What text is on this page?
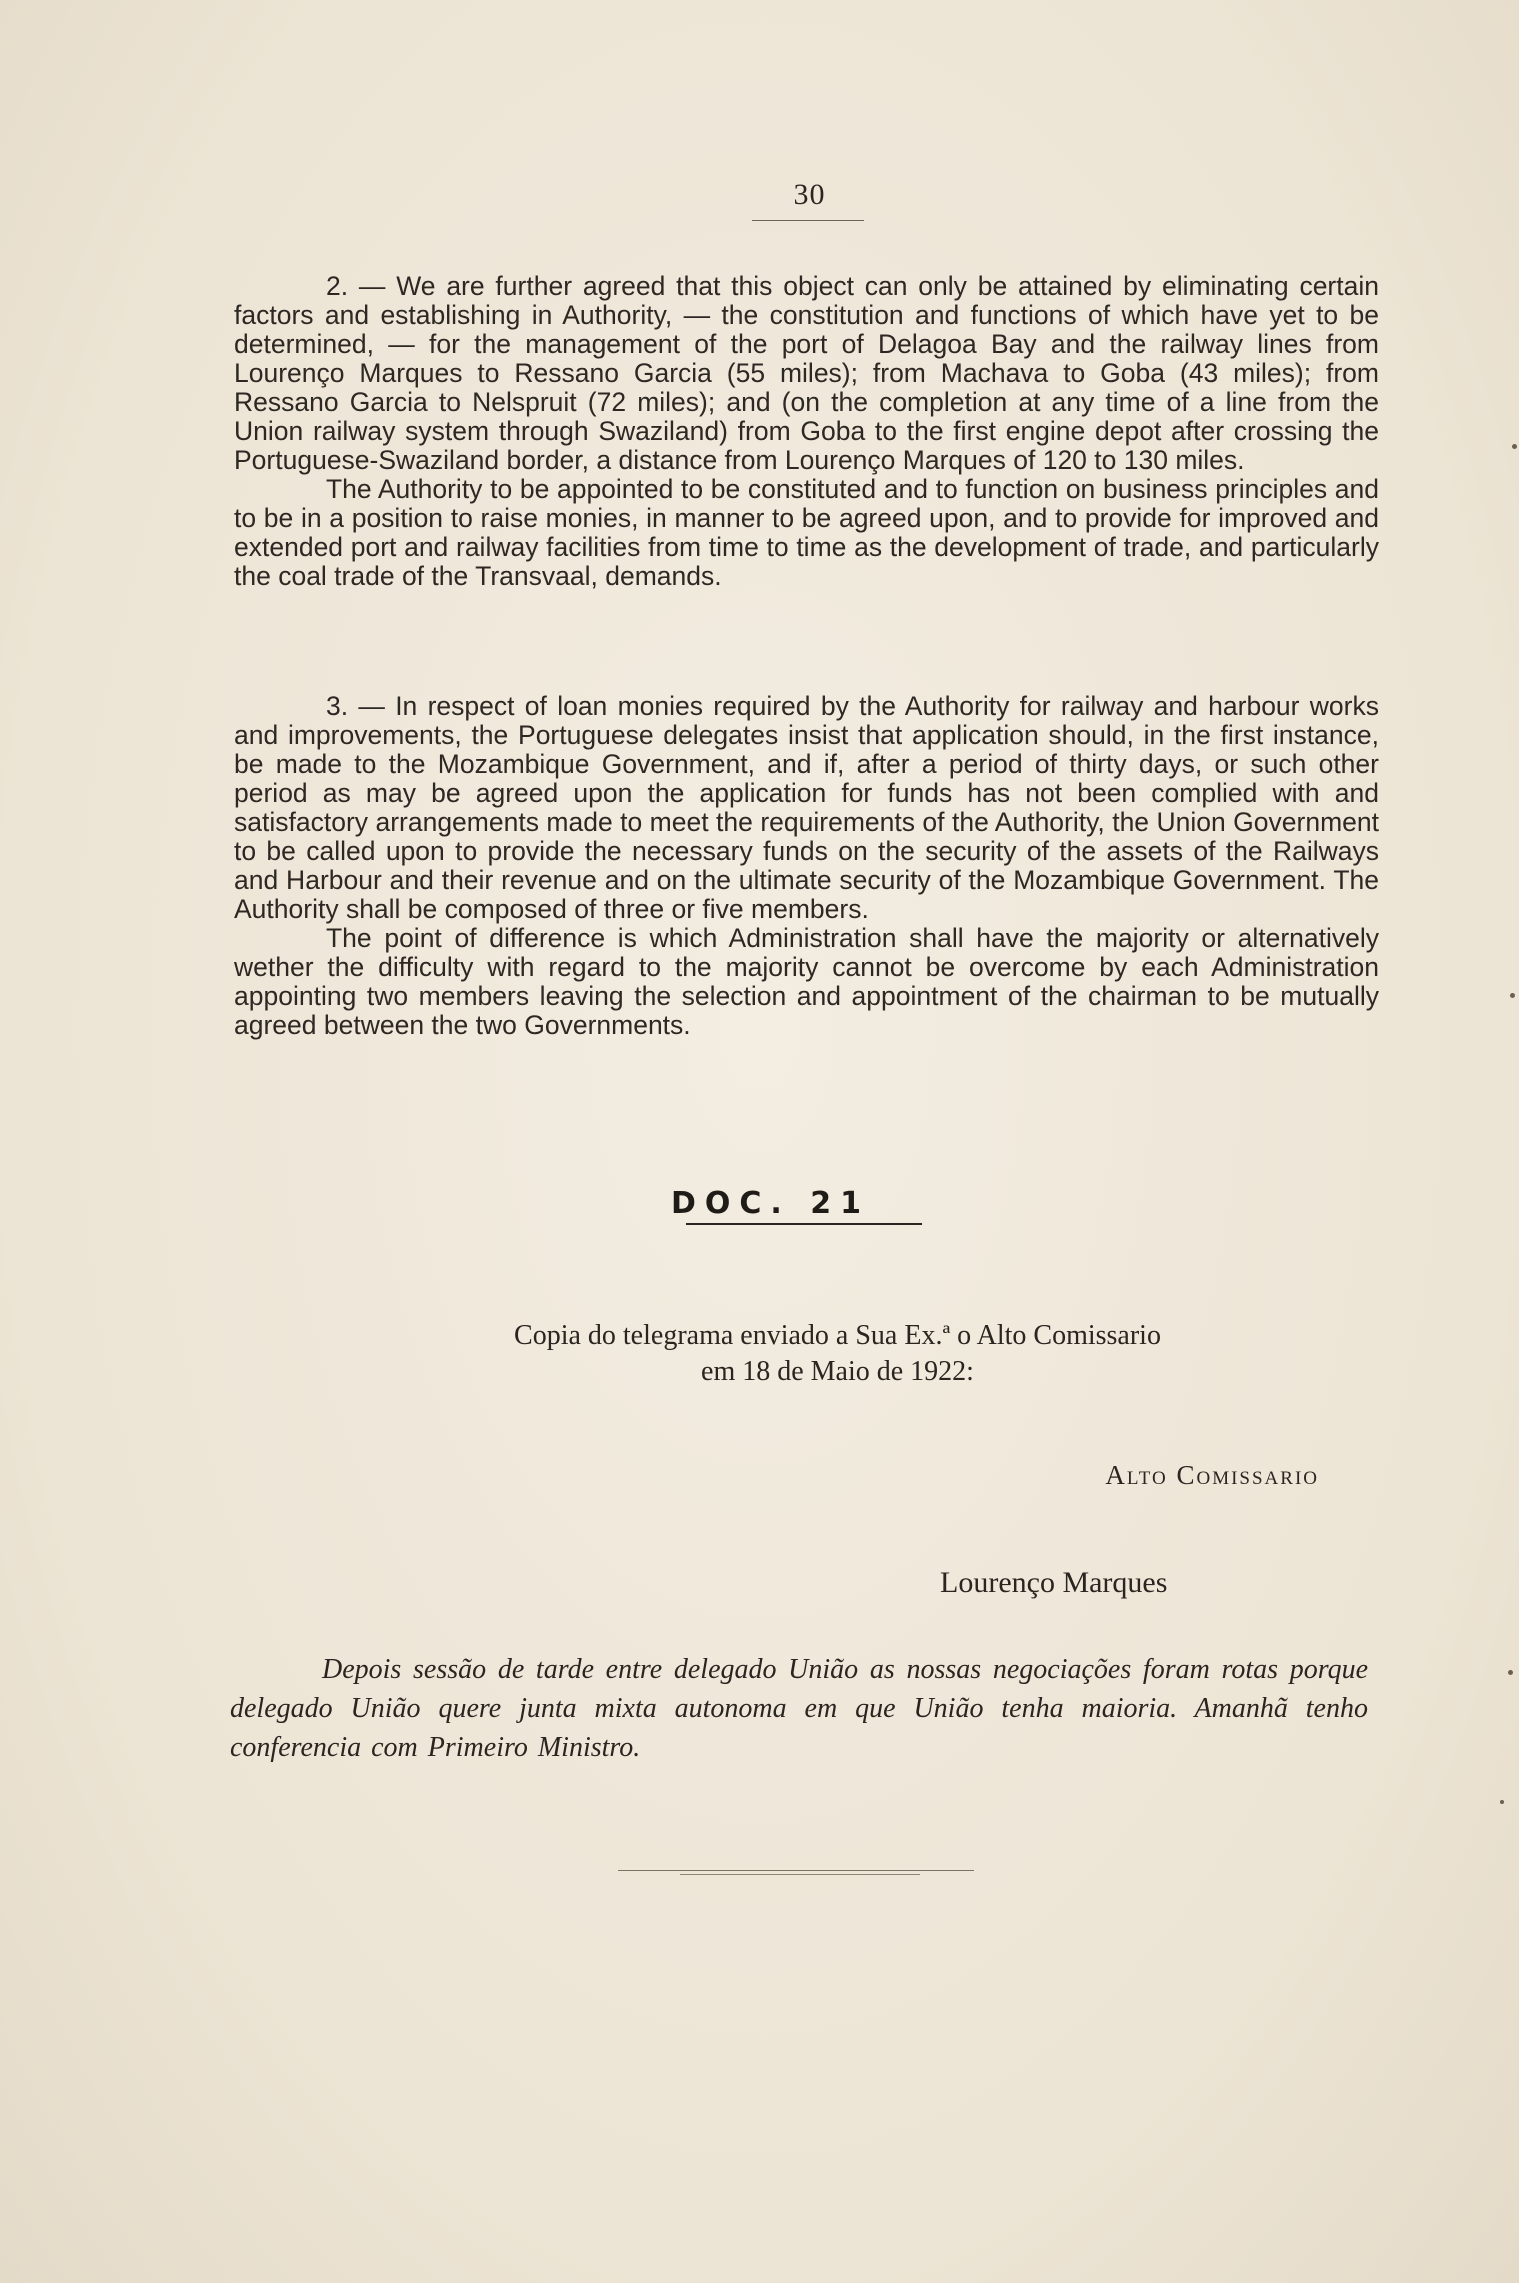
30

2. — We are further agreed that this object can only be attained by eliminating certain factors and establishing in Authority, — the constitution and functions of which have yet to be determined, — for the management of the port of Delagoa Bay and the railway lines from Lourenço Marques to Ressano Garcia (55 miles); from Machava to Goba (43 miles); from Ressano Garcia to Nelspruit (72 miles); and (on the completion at any time of a line from the Union railway system through Swaziland) from Goba to the first engine depot after crossing the Portuguese-Swaziland border, a distance from Lourenço Marques of 120 to 130 miles.

The Authority to be appointed to be constituted and to function on business principles and to be in a position to raise monies, in manner to be agreed upon, and to provide for improved and extended port and railway facilities from time to time as the development of trade, and particularly the coal trade of the Transvaal, demands.

3. — In respect of loan monies required by the Authority for railway and harbour works and improvements, the Portuguese delegates insist that application should, in the first instance, be made to the Mozambique Government, and if, after a period of thirty days, or such other period as may be agreed upon the application for funds has not been complied with and satisfactory arrangements made to meet the requirements of the Authority, the Union Government to be called upon to provide the necessary funds on the security of the assets of the Railways and Harbour and their revenue and on the ultimate security of the Mozambique Government. The Authority shall be composed of three or five members.

The point of difference is which Administration shall have the majority or alternatively wether the difficulty with regard to the majority cannot be overcome by each Administration appointing two members leaving the selection and appointment of the chairman to be mutually agreed between the two Governments.

DOC. 21
Copia do telegrama enviado a Sua Ex.ª o Alto Comissario
em 18 de Maio de 1922:
Alto Comissario
Lourenço Marques

Depois sessão de tarde entre delegado União as nossas negociações foram rotas porque delegado União quere junta mixta autonoma em que União tenha maioria. Amanhã tenho conferencia com Primeiro Ministro.
